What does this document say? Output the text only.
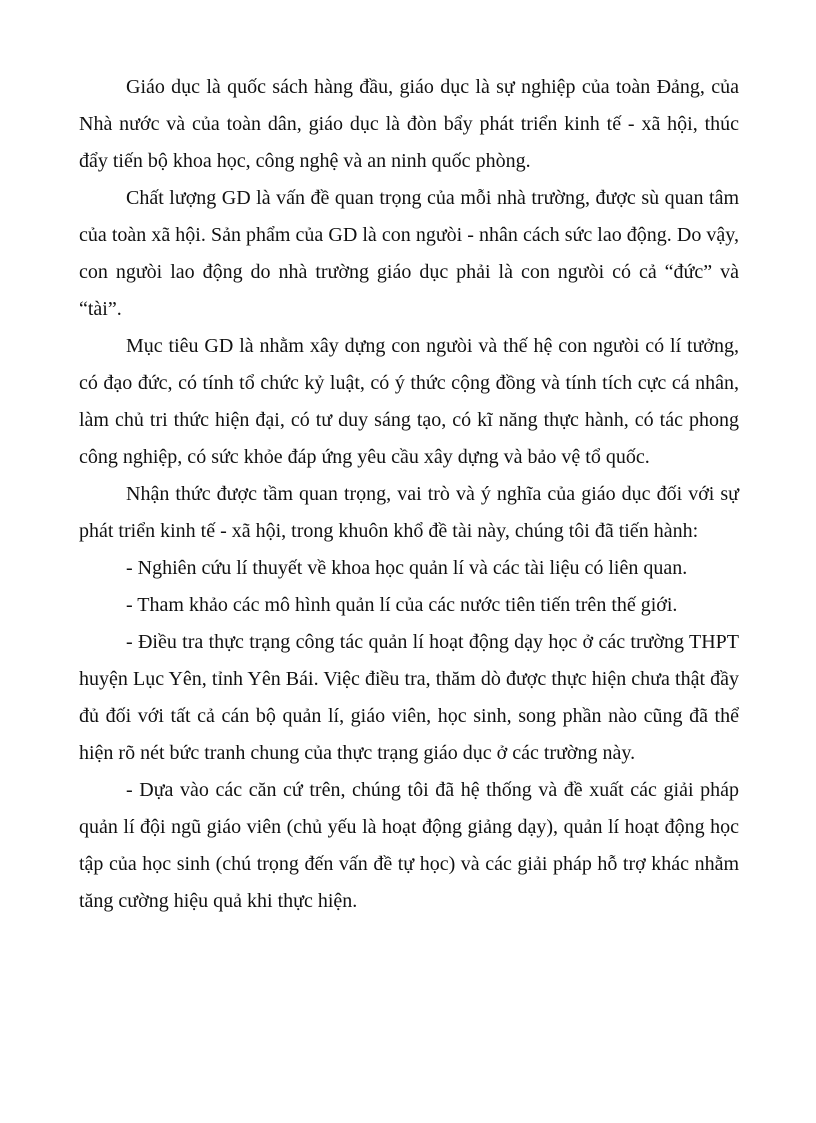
Giáo dục là quốc sách hàng đầu, giáo dục là sự nghiệp của toàn Đảng, của Nhà nước và của toàn dân, giáo dục là đòn bẩy phát triển kinh tế - xã hội, thúc đẩy tiến bộ khoa học, công nghệ và an ninh quốc phòng.

Chất lượng GD là vấn đề quan trọng của mỗi nhà trường, được sù quan tâm của toàn xã hội. Sản phẩm của GD là con ngưòi - nhân cách sức lao động. Do vậy, con ngưòi lao động do nhà trường giáo dục phải là con ngưòi có cả “đức” và “tài”.

Mục tiêu GD là nhằm xây dựng con ngưòi và thế hệ con ngưòi có lí tưởng, có đạo đức, có tính tổ chức kỷ luật, có ý thức cộng đồng và tính tích cực cá nhân, làm chủ tri thức hiện đại, có tư duy sáng tạo, có kĩ năng thực hành, có tác phong công nghiệp, có sức khỏe đáp ứng yêu cầu xây dựng và bảo vệ tổ quốc.

Nhận thức được tầm quan trọng, vai trò và ý nghĩa của giáo dục đối với sự phát triển kinh tế - xã hội, trong khuôn khổ đề tài này, chúng tôi đã tiến hành:

- Nghiên cứu lí thuyết về khoa học quản lí và các tài liệu có liên quan.

- Tham khảo các mô hình quản lí của các nước tiên tiến trên thế giới.

- Điều tra thực trạng công tác quản lí hoạt động dạy học ở các trường THPT huyện Lục Yên, tỉnh Yên Bái. Việc điều tra, thăm dò được thực hiện chưa thật đầy đủ đối với tất cả cán bộ quản lí, giáo viên, học sinh, song phần nào cũng đã thể hiện rõ nét bức tranh chung của thực trạng giáo dục ở các trường này.

- Dựa vào các căn cứ trên, chúng tôi đã hệ thống và đề xuất các giải pháp quản lí đội ngũ giáo viên (chủ yếu là hoạt động giảng dạy), quản lí hoạt động học tập của học sinh (chú trọng đến vấn đề tự học) và các giải pháp hỗ trợ khác nhằm tăng cường hiệu quả khi thực hiện.
